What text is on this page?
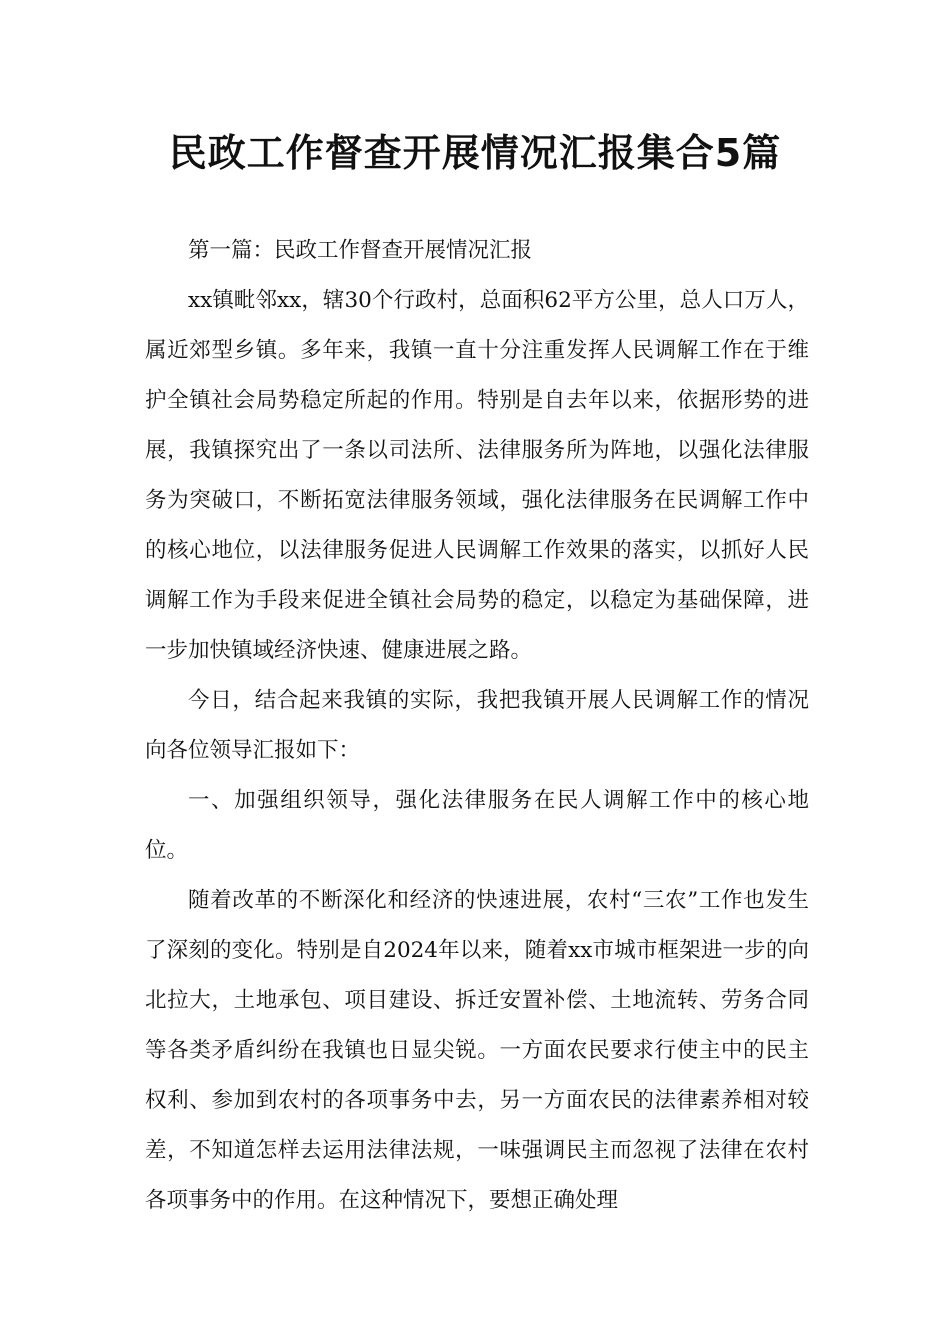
民政工作督查开展情况汇报集合5篇

第一篇：民政工作督查开展情况汇报

xx镇毗邻xx，辖30个行政村，总面积62平方公里，总人口万人，属近郊型乡镇。多年来，我镇一直十分注重发挥人民调解工作在于维护全镇社会局势稳定所起的作用。特别是自去年以来，依据形势的进展，我镇探究出了一条以司法所、法律服务所为阵地，以强化法律服务为突破口，不断拓宽法律服务领域，强化法律服务在民调解工作中的核心地位，以法律服务促进人民调解工作效果的落实，以抓好人民调解工作为手段来促进全镇社会局势的稳定，以稳定为基础保障，进一步加快镇域经济快速、健康进展之路。

今日，结合起来我镇的实际，我把我镇开展人民调解工作的情况向各位领导汇报如下：

一、加强组织领导，强化法律服务在民人调解工作中的核心地位。

随着改革的不断深化和经济的快速进展，农村“三农”工作也发生了深刻的变化。特别是自2024年以来，随着xx市城市框架进一步的向北拉大，土地承包、项目建设、拆迁安置补偿、土地流转、劳务合同等各类矛盾纠纷在我镇也日显尖锐。一方面农民要求行使主中的民主权利、参加到农村的各项事务中去，另一方面农民的法律素养相对较差，不知道怎样去运用法律法规，一味强调民主而忽视了法律在农村各项事务中的作用。在这种情况下，要想正确处理
